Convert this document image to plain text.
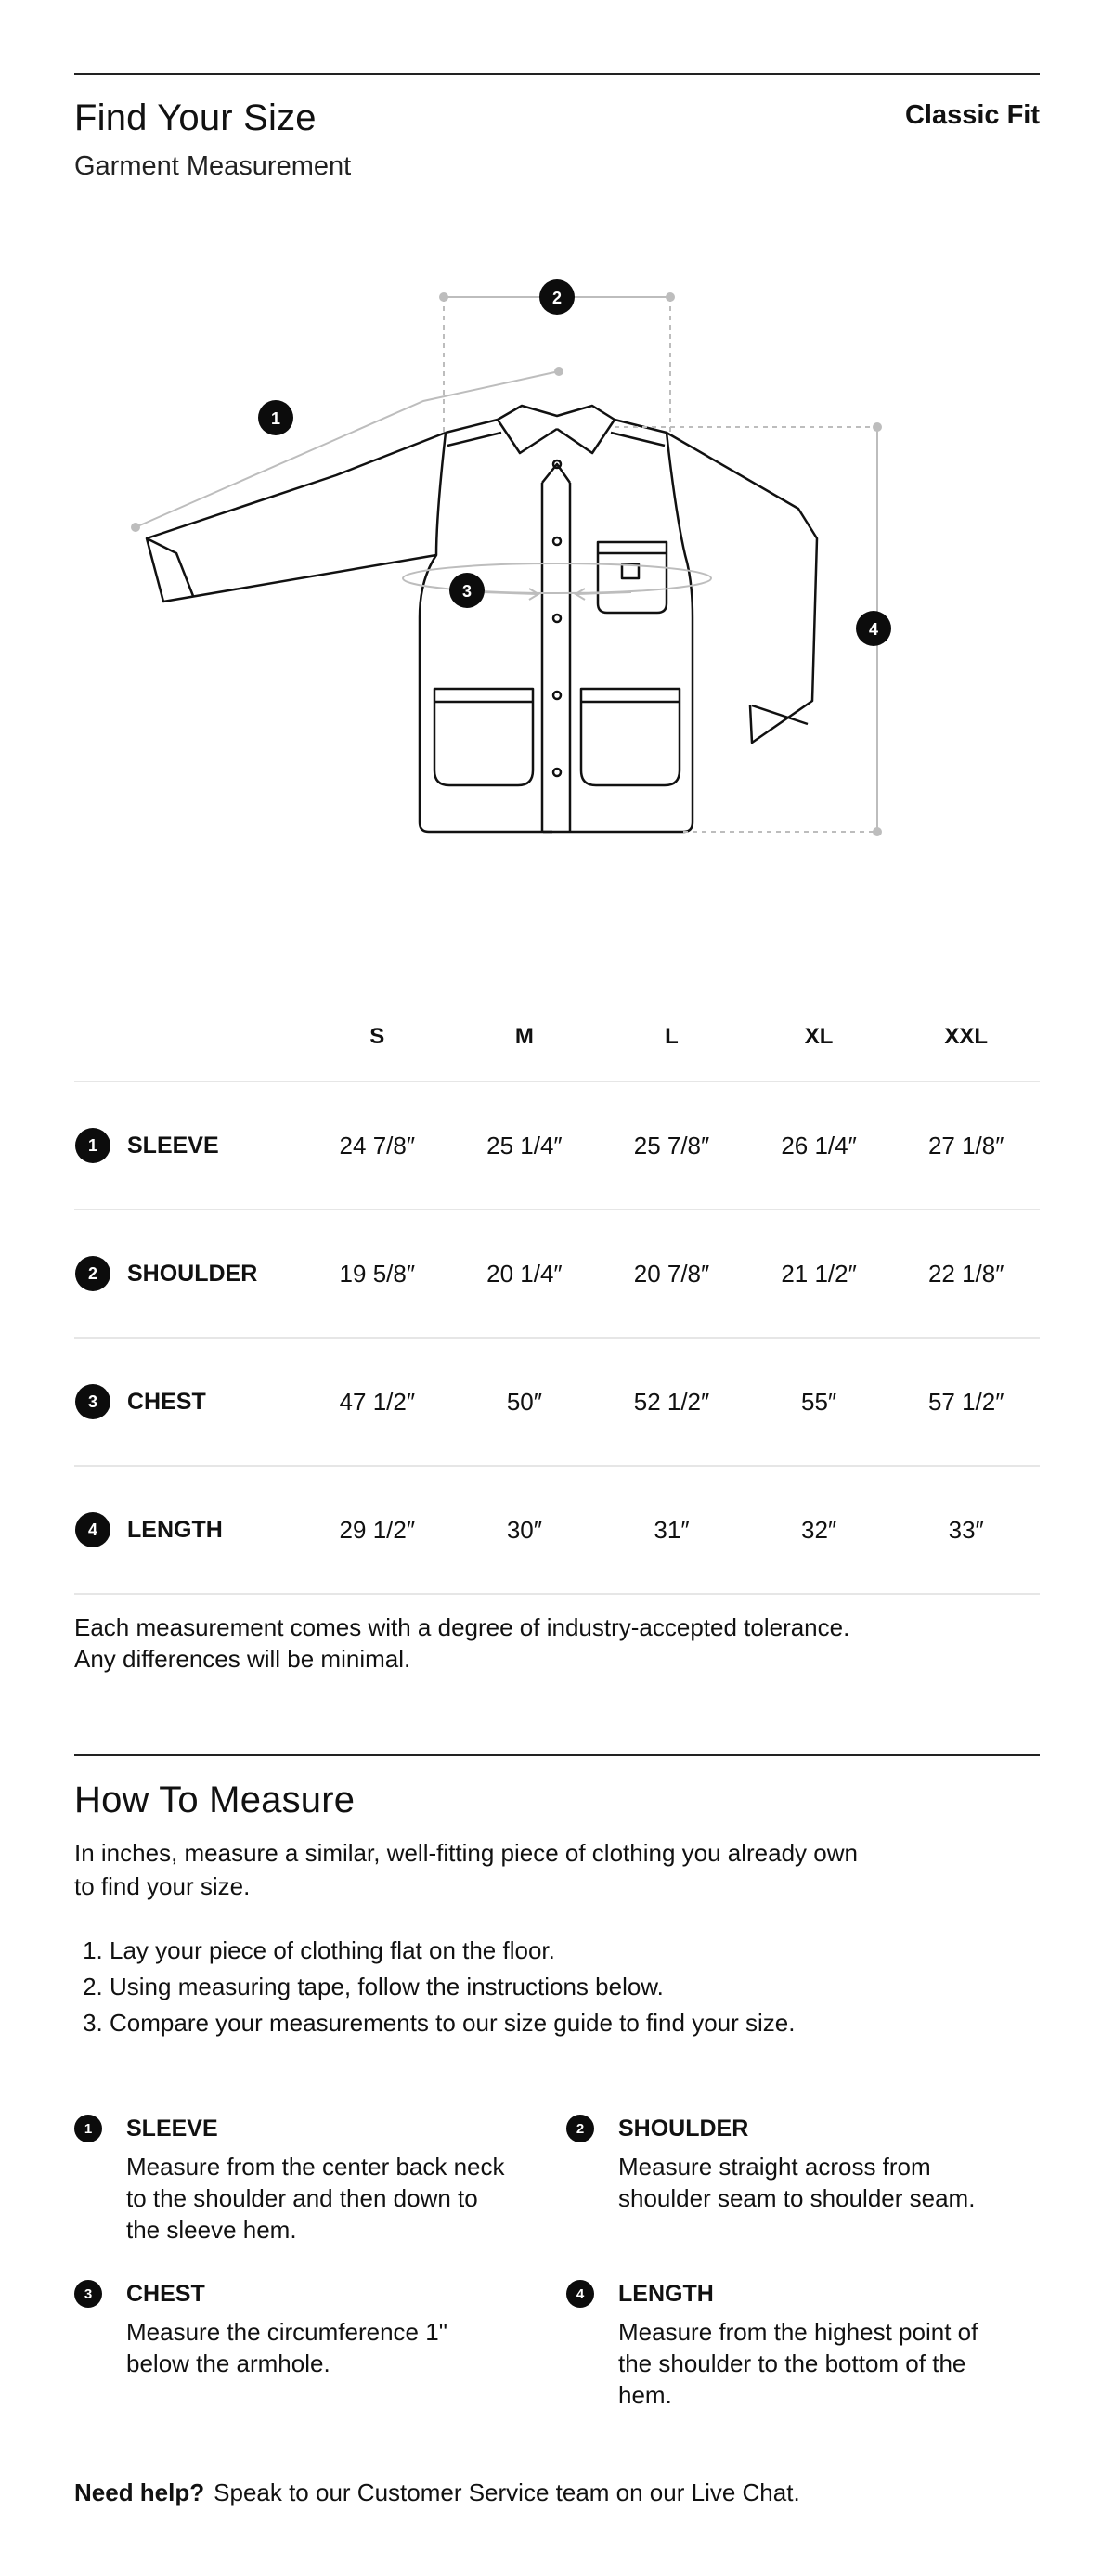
Find Your Size
Garment Measurement
Classic Fit
1
2
3
4
	S	M	L	XL	XXL

1 SLEEVE	24 7/8″	25 1/4″	25 7/8″	26 1/4″	27 1/8″

2 SHOULDER	19 5/8″	20 1/4″	20 7/8″	21 1/2″	22 1/8″

3 CHEST	47 1/2″	50″	52 1/2″	55″	57 1/2″

4 LENGTH	29 1/2″	30″	31″	32″	33″
Each measurement comes with a degree of industry-accepted tolerance.
Any differences will be minimal.
How To Measure
In inches, measure a similar, well-fitting piece of clothing you already own
to find your size.
1. Lay your piece of clothing flat on the floor.
2. Using measuring tape, follow the instructions below.
3. Compare your measurements to our size guide to find your size.
1	SLEEVE
Measure from the center back neck to the shoulder and then down to the sleeve hem.
2	SHOULDER
Measure straight across from shoulder seam to shoulder seam.
3	CHEST
Measure the circumference 1" below the armhole.
4	LENGTH
Measure from the highest point of the shoulder to the bottom of the hem.
Need help? Speak to our Customer Service team on our Live Chat.
